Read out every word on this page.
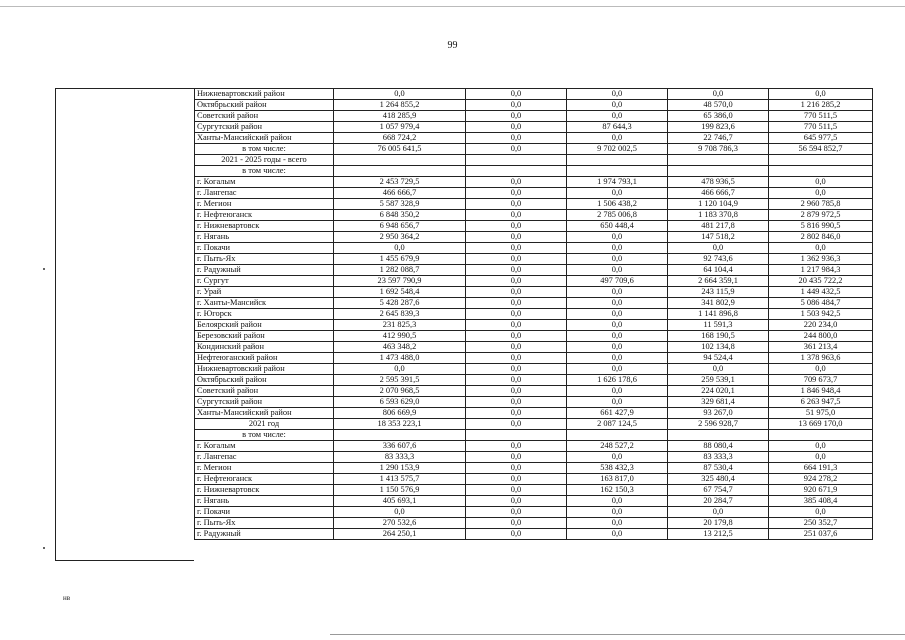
99
Нижневартовский район	0,0	0,0	0,0	0,0	0,0
Октябрьский район	1 264 855,2	0,0	0,0	48 570,0	1 216 285,2
Советский район	418 285,9	0,0	0,0	65 386,0	770 511,5
Сургутский район	1 057 979,4	0,0	87 644,3	199 823,6	770 511,5
Ханты-Мансийский район	668 724,2	0,0	0,0	22 746,7	645 977,5
в том числе:	76 005 641,5	0,0	9 702 002,5	9 708 786,3	56 594 852,7
2021 - 2025 годы - всего					
в том числе:					
г. Когалым	2 453 729,5	0,0	1 974 793,1	478 936,5	0,0
г. Лангепас	466 666,7	0,0	0,0	466 666,7	0,0
г. Мегион	5 587 328,9	0,0	1 506 438,2	1 120 104,9	2 960 785,8
г. Нефтеюганск	6 848 350,2	0,0	2 785 006,8	1 183 370,8	2 879 972,5
г. Нижневартовск	6 948 656,7	0,0	650 448,4	481 217,8	5 816 990,5
г. Нягань	2 950 364,2	0,0	0,0	147 518,2	2 802 846,0
г. Покачи	0,0	0,0	0,0	0,0	0,0
г. Пыть-Ях	1 455 679,9	0,0	0,0	92 743,6	1 362 936,3
г. Радужный	1 282 088,7	0,0	0,0	64 104,4	1 217 984,3
г. Сургут	23 597 790,9	0,0	497 709,6	2 664 359,1	20 435 722,2
г. Урай	1 692 548,4	0,0	0,0	243 115,9	1 449 432,5
г. Ханты-Мансийск	5 428 287,6	0,0	0,0	341 802,9	5 086 484,7
г. Югорск	2 645 839,3	0,0	0,0	1 141 896,8	1 503 942,5
Белоярский район	231 825,3	0,0	0,0	11 591,3	220 234,0
Березовский район	412 990,5	0,0	0,0	168 190,5	244 800,0
Кондинский район	463 348,2	0,0	0,0	102 134,8	361 213,4
Нефтеюганский район	1 473 488,0	0,0	0,0	94 524,4	1 378 963,6
Нижневартовский район	0,0	0,0	0,0	0,0	0,0
Октябрьский район	2 595 391,5	0,0	1 626 178,6	259 539,1	709 673,7
Советский район	2 070 968,5	0,0	0,0	224 020,1	1 846 948,4
Сургутский район	6 593 629,0	0,0	0,0	329 681,4	6 263 947,5
Ханты-Мансийский район	806 669,9	0,0	661 427,9	93 267,0	51 975,0
2021 год	18 353 223,1	0,0	2 087 124,5	2 596 928,7	13 669 170,0
в том числе:					
г. Когалым	336 607,6	0,0	248 527,2	88 080,4	0,0
г. Лангепас	83 333,3	0,0	0,0	83 333,3	0,0
г. Мегион	1 290 153,9	0,0	538 432,3	87 530,4	664 191,3
г. Нефтеюганск	1 413 575,7	0,0	163 817,0	325 480,4	924 278,2
г. Нижневартовск	1 150 576,9	0,0	162 150,3	67 754,7	920 671,9
г. Нягань	405 693,1	0,0	0,0	20 284,7	385 408,4
г. Покачи	0,0	0,0	0,0	0,0	0,0
г. Пыть-Ях	270 532,6	0,0	0,0	20 179,8	250 352,7
г. Радужный	264 250,1	0,0	0,0	13 212,5	251 037,6
нв
